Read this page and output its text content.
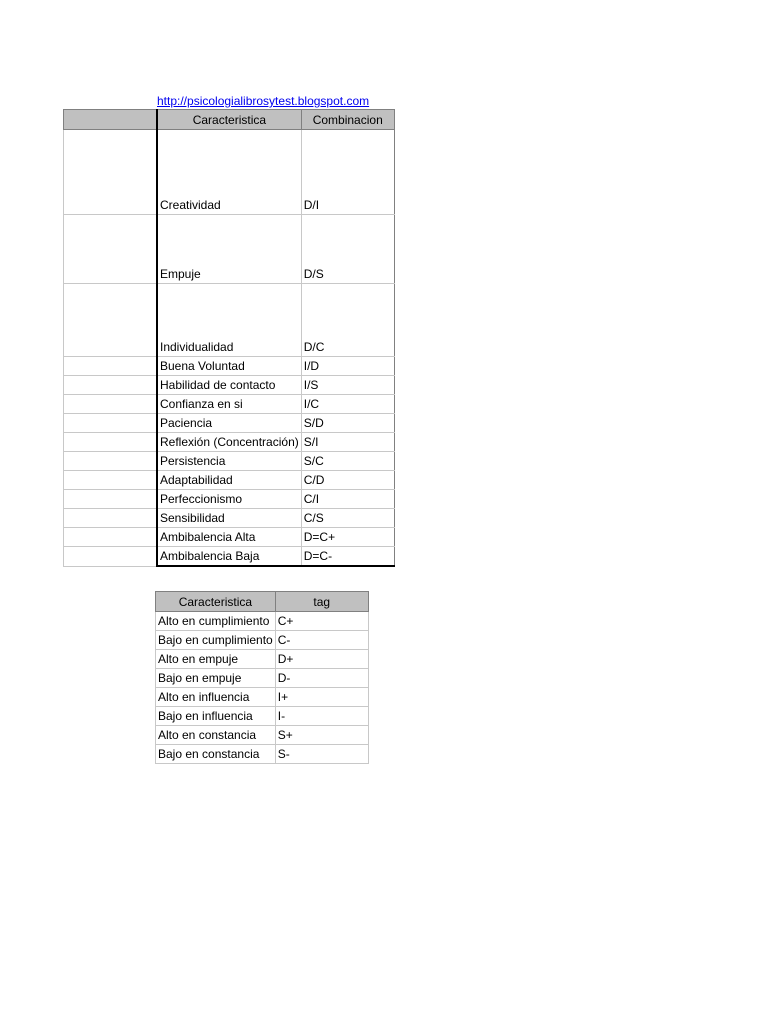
http://psicologialibrosytest.blogspot.com
	Caracteristica	Combinacion
	Creatividad	D/I
	Empuje	D/S
	Individualidad	D/C
	Buena Voluntad	I/D
	Habilidad de contacto	I/S
	Confianza en si	I/C
	Paciencia	S/D
	Reflexión (Concentración)	S/I
	Persistencia	S/C
	Adaptabilidad	C/D
	Perfeccionismo	C/I
	Sensibilidad	C/S
	Ambibalencia Alta	D=C+
	Ambibalencia Baja	D=C-
Caracteristica	tag
Alto en cumplimiento	C+
Bajo en cumplimiento	C-
Alto en empuje	D+
Bajo en empuje	D-
Alto en influencia	I+
Bajo en influencia	I-
Alto en constancia	S+
Bajo en constancia	S-
